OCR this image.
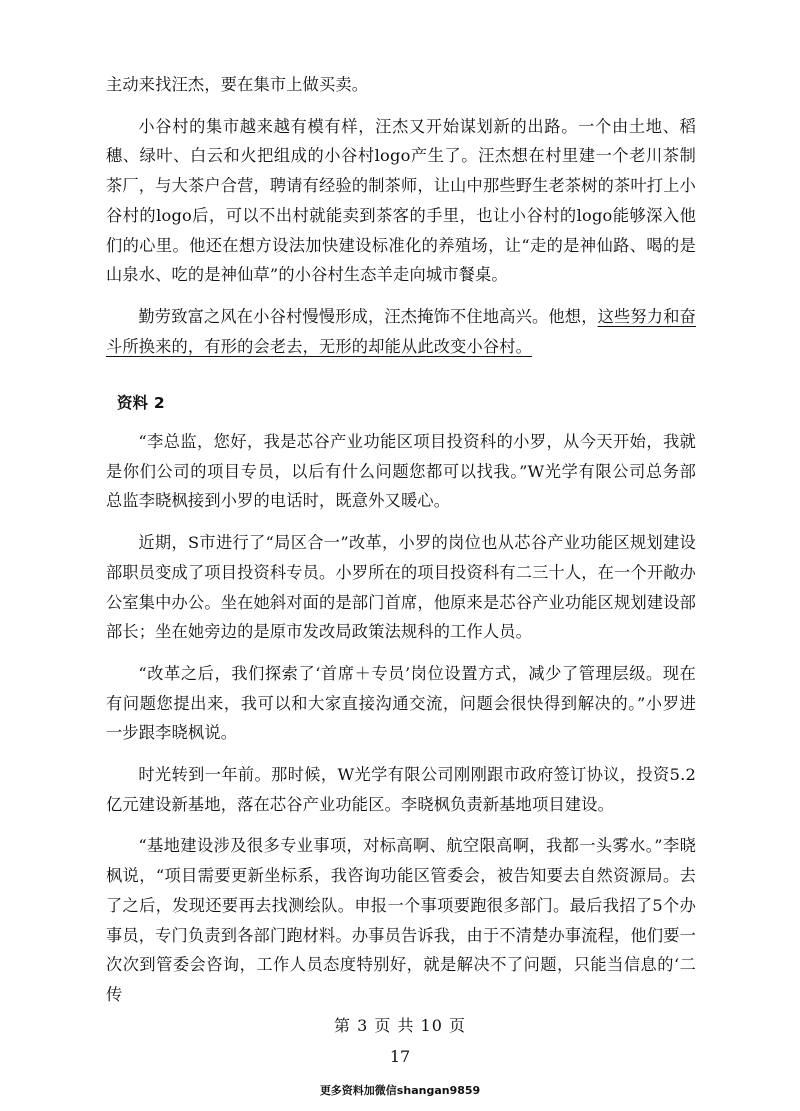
主动来找汪杰，要在集市上做买卖。

小谷村的集市越来越有模有样，汪杰又开始谋划新的出路。一个由土地、稻穗、绿叶、白云和火把组成的小谷村logo产生了。汪杰想在村里建一个老川茶制茶厂，与大茶户合营，聘请有经验的制茶师，让山中那些野生老茶树的茶叶打上小谷村的logo后，可以不出村就能卖到茶客的手里，也让小谷村的logo能够深入他们的心里。他还在想方设法加快建设标准化的养殖场，让“走的是神仙路、喝的是山泉水、吃的是神仙草”的小谷村生态羊走向城市餐桌。

勤劳致富之风在小谷村慢慢形成，汪杰掩饰不住地高兴。他想，这些努力和奋斗所换来的，有形的会老去，无形的却能从此改变小谷村。

资料 2

“李总监，您好，我是芯谷产业功能区项目投资科的小罗，从今天开始，我就是你们公司的项目专员，以后有什么问题您都可以找我。”W光学有限公司总务部总监李晓枫接到小罗的电话时，既意外又暖心。

近期，S市进行了“局区合一”改革，小罗的岗位也从芯谷产业功能区规划建设部职员变成了项目投资科专员。小罗所在的项目投资科有二三十人，在一个开敞办公室集中办公。坐在她斜对面的是部门首席，他原来是芯谷产业功能区规划建设部部长；坐在她旁边的是原市发改局政策法规科的工作人员。

“改革之后，我们探索了‘首席＋专员’岗位设置方式，减少了管理层级。现在有问题您提出来，我可以和大家直接沟通交流，问题会很快得到解决的。”小罗进一步跟李晓枫说。

时光转到一年前。那时候，W光学有限公司刚刚跟市政府签订协议，投资5.2亿元建设新基地，落在芯谷产业功能区。李晓枫负责新基地项目建设。

“基地建设涉及很多专业事项，对标高啊、航空限高啊，我都一头雾水。”李晓枫说，“项目需要更新坐标系，我咨询功能区管委会，被告知要去自然资源局。去了之后，发现还要再去找测绘队。申报一个事项要跑很多部门。最后我招了5个办事员，专门负责到各部门跑材料。办事员告诉我，由于不清楚办事流程，他们要一次次到管委会咨询，工作人员态度特别好，就是解决不了问题，只能当信息的‘二传

第 3 页 共 10 页
17
更多资料加微信shangan9859
